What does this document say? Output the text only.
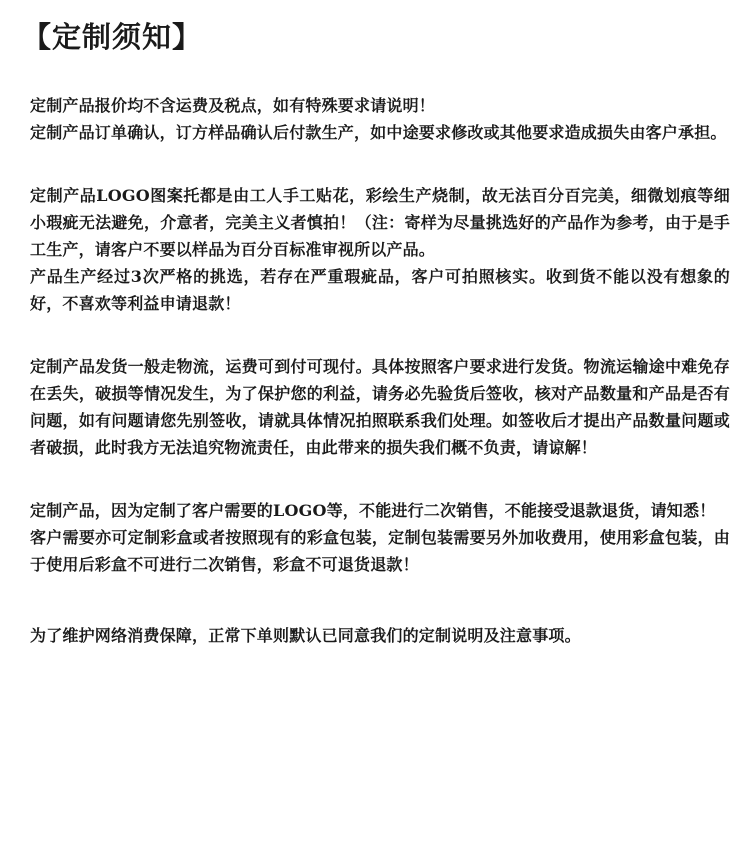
【定制须知】

定制产品报价均不含运费及税点，如有特殊要求请说明！

定制产品订单确认，订方样品确认后付款生产，如中途要求修改或其他要求造成损失由客户承担。

定制产品LOGO图案托都是由工人手工贴花，彩绘生产烧制，故无法百分百完美，细微划痕等细小瑕疵无法避免，介意者，完美主义者慎拍！（注：寄样为尽量挑选好的产品作为参考，由于是手工生产，请客户不要以样品为百分百标准审视所以产品。

产品生产经过3次严格的挑选，若存在严重瑕疵品，客户可拍照核实。收到货不能以没有想象的好，不喜欢等利益申请退款！

定制产品发货一般走物流，运费可到付可现付。具体按照客户要求进行发货。物流运输途中难免存在丢失，破损等情况发生，为了保护您的利益，请务必先验货后签收，核对产品数量和产品是否有问题，如有问题请您先别签收，请就具体情况拍照联系我们处理。如签收后才提出产品数量问题或者破损，此时我方无法追究物流责任，由此带来的损失我们概不负责，请谅解！

定制产品，因为定制了客户需要的LOGO等，不能进行二次销售，不能接受退款退货，请知悉！

客户需要亦可定制彩盒或者按照现有的彩盒包装，定制包装需要另外加收费用，使用彩盒包装，由于使用后彩盒不可进行二次销售，彩盒不可退货退款！

为了维护网络消费保障，正常下单则默认已同意我们的定制说明及注意事项。
